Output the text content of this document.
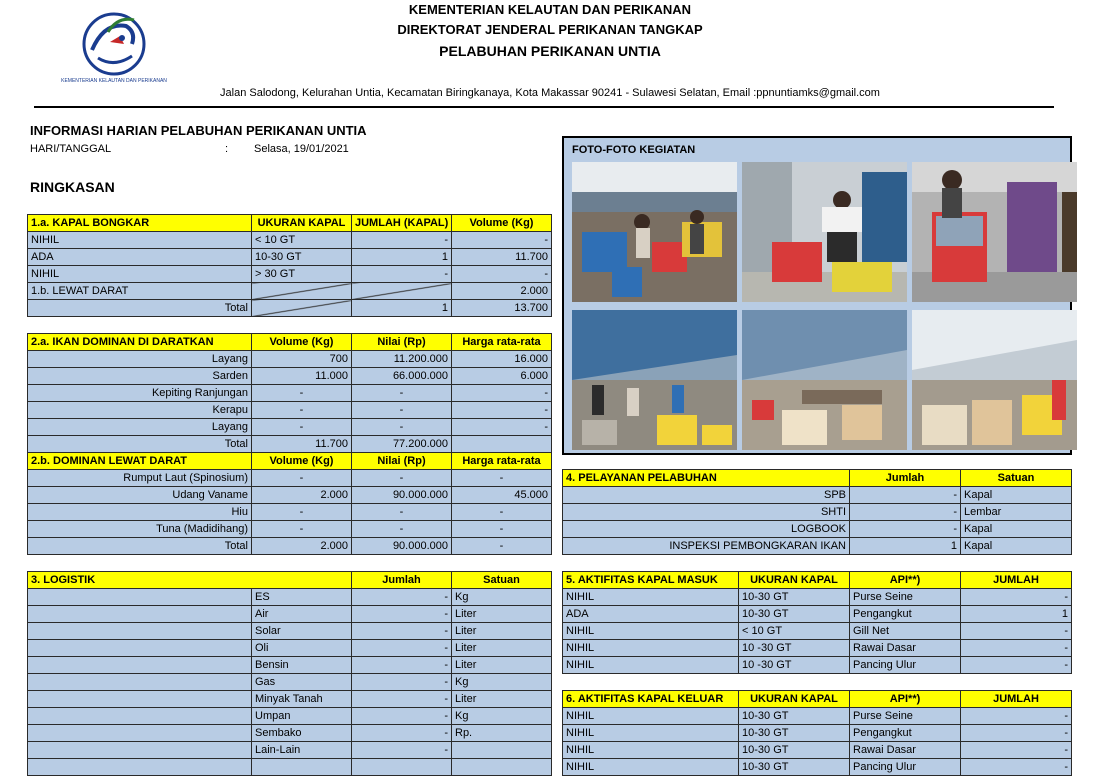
KEMENTERIAN KELAUTAN DAN PERIKANAN
KEMENTERIAN KELAUTAN DAN PERIKANAN
DIREKTORAT JENDERAL PERIKANAN TANGKAP
PELABUHAN PERIKANAN UNTIA
Jalan Salodong, Kelurahan Untia, Kecamatan Biringkanaya, Kota Makassar 90241 - Sulawesi Selatan, Email :ppnuntiamks@gmail.com
INFORMASI HARIAN PELABUHAN PERIKANAN UNTIA
HARI/TANGGAL	: Selasa, 19/01/2021
RINGKASAN
1.a. KAPAL BONGKAR	UKURAN KAPAL	JUMLAH (KAPAL)	Volume (Kg)
NIHIL	< 10 GT	-	-
ADA	10-30 GT	1	11.700
NIHIL	> 30 GT	-	-
1.b. LEWAT DARAT			2.000
Total		1	13.700
2.a. IKAN DOMINAN DI DARATKAN	Volume (Kg)	Nilai (Rp)	Harga rata-rata
Layang	700	11.200.000	16.000
Sarden	11.000	66.000.000	6.000
Kepiting Ranjungan	-	-	-
Kerapu	-	-	-
Layang	-	-	-
Total	11.700	77.200.000	
2.b. DOMINAN LEWAT DARAT	Volume (Kg)	Nilai (Rp)	Harga rata-rata
Rumput Laut (Spinosium)	-	-	-
Udang Vaname	2.000	90.000.000	45.000
Hiu	-	-	-
Tuna (Madidihang)	-	-	-
Total	2.000	90.000.000	-
3. LOGISTIK		Jumlah	Satuan
	ES	-	Kg
	Air	-	Liter
	Solar	-	Liter
	Oli	-	Liter
	Bensin	-	Liter
	Gas	-	Kg
	Minyak Tanah	-	Liter
	Umpan	-	Kg
	Sembako	-	Rp.
	Lain-Lain	-	

FOTO-FOTO KEGIATAN
4. PELAYANAN PELABUHAN	Jumlah	Satuan
SPB	-	Kapal
SHTI	-	Lembar
LOGBOOK	-	Kapal
INSPEKSI PEMBONGKARAN IKAN	1	Kapal
5. AKTIFITAS KAPAL MASUK	UKURAN KAPAL	API**)	JUMLAH
NIHIL	10-30 GT	Purse Seine	-
ADA	10-30 GT	Pengangkut	1
NIHIL	< 10 GT	Gill Net	-
NIHIL	10 -30 GT	Rawai Dasar	-
NIHIL	10 -30 GT	Pancing Ulur	-
6. AKTIFITAS KAPAL KELUAR	UKURAN KAPAL	API**)	JUMLAH
NIHIL	10-30 GT	Purse Seine	-
NIHIL	10-30 GT	Pengangkut	-
NIHIL	10-30 GT	Rawai Dasar	-
NIHIL	10-30 GT	Pancing Ulur	-
